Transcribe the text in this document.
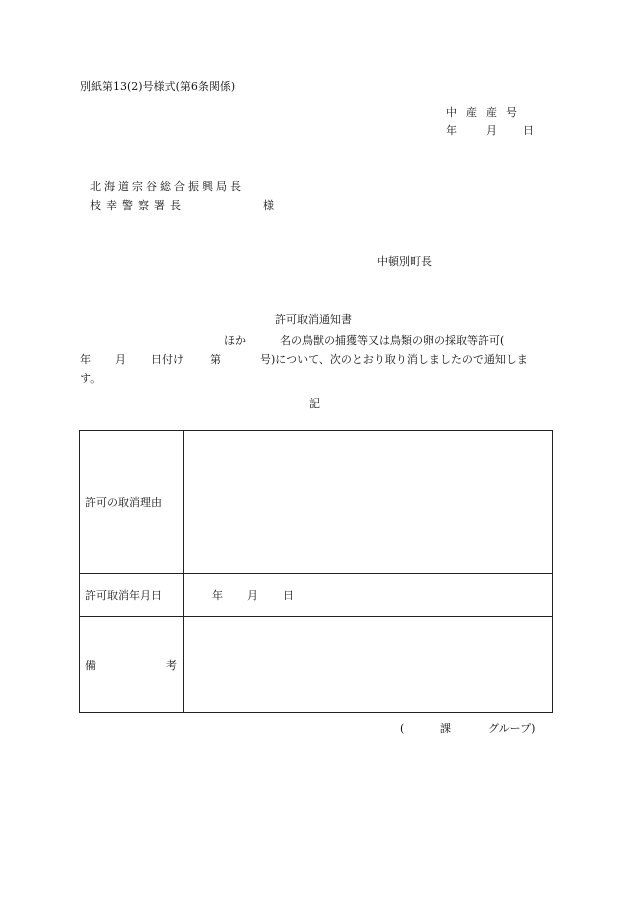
別紙第13(2)号様式(第6条関係)
中産産号
年	月 日
北海道宗谷総合振興局長
枝幸警察署長	様
中頓別町長
許可取消通知書
ほか	名の鳥獣の捕獲等又は鳥類の卵の採取等許可(
年 月 日付け 第	号)について、次のとおり取り消しましたので通知しま
す。
記
許可の取消理由	
許可取消年月日	年 月 日

備 考	

(	課	グループ)
